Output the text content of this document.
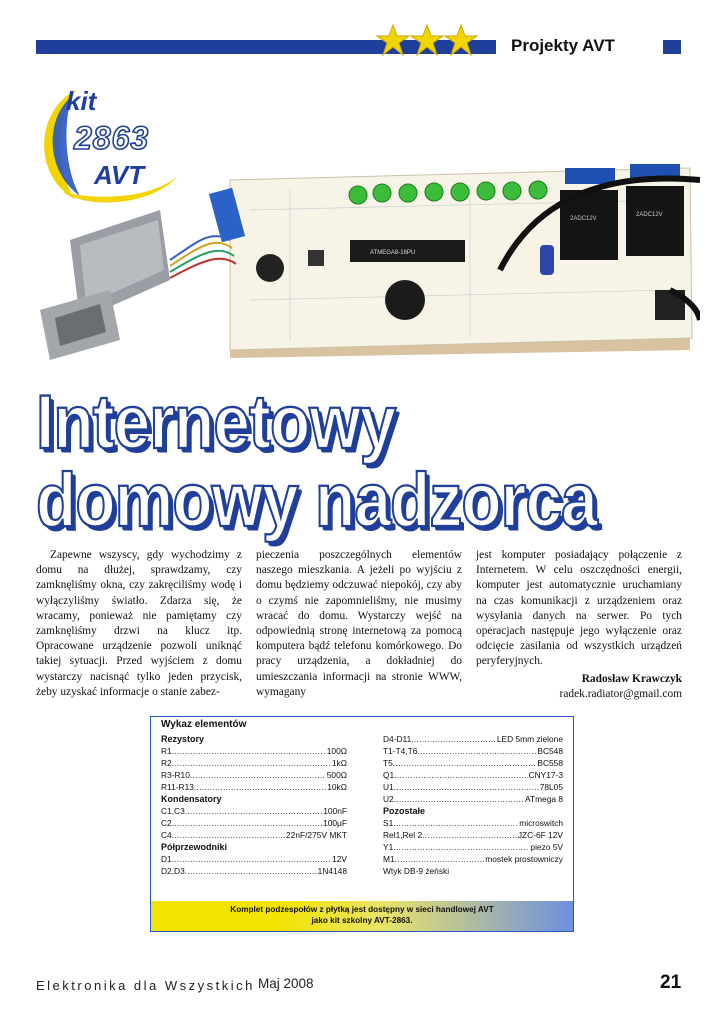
Projekty AVT
kit
2863
AVT
ATMEGA8-16PU
2ADC12V
2ADC12V
Internetowy
domowy nadzorca

Zapewne wszyscy, gdy wychodzimy z domu na dłużej, sprawdzamy, czy zamknęliśmy okna, czy zakręciliśmy wodę i wyłączyliśmy światło. Zdarza się, że wracamy, ponieważ nie pamiętamy czy zamknęliśmy drzwi na klucz itp. Opracowane urządzenie pozwoli uniknąć takiej sytuacji. Przed wyjściem z domu wystarczy nacisnąć tylko jeden przycisk, żeby uzyskać informacje o stanie zabez-

pieczenia poszczególnych elementów naszego mieszkania. A jeżeli po wyjściu z domu będziemy odczuwać niepokój, czy aby o czymś nie zapomnieliśmy, nie musimy wracać do domu. Wystarczy wejść na odpowiednią stronę internetową za pomocą komputera bądź telefonu komórkowego. Do pracy urządzenia, a dokładniej do umieszczania informacji na stronie WWW, wymagany

jest komputer posiadający połączenie z Internetem. W celu oszczędności energii, komputer jest automatycznie uruchamiany na czas komunikacji z urządzeniem oraz wysyłania danych na serwer. Po tych operacjach następuje jego wyłączenie oraz odcięcie zasilania od wszystkich urządzeń peryferyjnych.

Radosław Krawczyk
radek.radiator@gmail.com
Wykaz elementów
Rezystory
R1 . . .	100Ω
R2 . . .	1kΩ
R3-R10 . . .	500Ω
R11-R13 . . .	10kΩ
Kondensatory
C1,C3 . . .	100nF
C2 . . .	100μF
C4 . . .	22nF/275V MKT
Półprzewodniki
D1 . . .	12V
D2,D3 . . .	1N4148
D4-D11 . . .	LED 5mm zielone
T1-T4,T6 . . .	BC548
T5 . . .	BC558
Q1 . . .	CNY17-3
U1 . . .	78L05
U2 . . .	ATmega 8
Pozostałe
S1 . . .	microswitch
Rel1,Rel 2 . . .	JZC-6F 12V
Y1 . . .	piezo 5V
M1 . . .	mostek prostowniczy
Wtyk DB-9 żeński
Komplet podzespołów z płytką jest dostępny w sieci handlowej AVT
jako kit szkolny AVT-2863.
Elektronika dla Wszystkich Maj 2008	21
